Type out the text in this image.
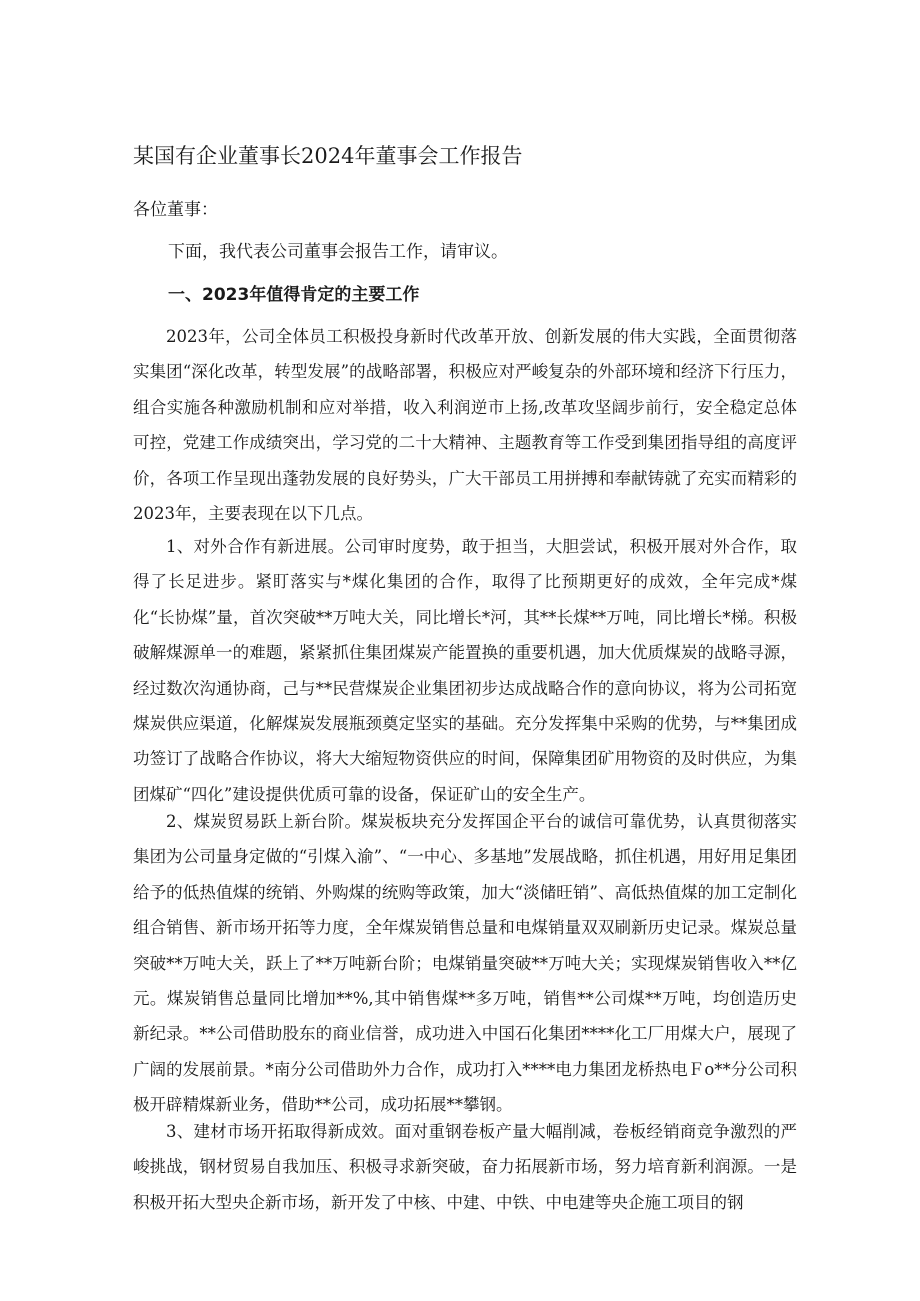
某国有企业董事长2024年董事会工作报告
各位董事：
下面，我代表公司董事会报告工作，请审议。
一、2023年值得肯定的主要工作

2023年，公司全体员工积极投身新时代改革开放、创新发展的伟大实践，全面贯彻落实集团“深化改革，转型发展”的战略部署，积极应对严峻复杂的外部环境和经济下行压力，组合实施各种激励机制和应对举措，收入利润逆市上扬,改革攻坚阔步前行，安全稳定总体可控，党建工作成绩突出，学习党的二十大精神、主题教育等工作受到集团指导组的高度评价，各项工作呈现出蓬勃发展的良好势头，广大干部员工用拼搏和奉献铸就了充实而精彩的2023年，主要表现在以下几点。

1、对外合作有新进展。公司审时度势，敢于担当，大胆尝试，积极开展对外合作，取得了长足进步。紧盯落实与*煤化集团的合作，取得了比预期更好的成效，全年完成*煤化“长协煤”量，首次突破**万吨大关，同比增长*河，其**长煤**万吨，同比增长*梯。积极破解煤源单一的难题，紧紧抓住集团煤炭产能置换的重要机遇，加大优质煤炭的战略寻源，经过数次沟通协商，己与**民营煤炭企业集团初步达成战略合作的意向协议，将为公司拓宽煤炭供应渠道，化解煤炭发展瓶颈奠定坚实的基础。充分发挥集中采购的优势，与**集团成功签订了战略合作协议，将大大缩短物资供应的时间，保障集团矿用物资的及时供应，为集团煤矿“四化”建设提供优质可靠的设备，保证矿山的安全生产。

2、煤炭贸易跃上新台阶。煤炭板块充分发挥国企平台的诚信可靠优势，认真贯彻落实集团为公司量身定做的“引煤入渝”、“一中心、多基地”发展战略，抓住机遇，用好用足集团给予的低热值煤的统销、外购煤的统购等政策，加大“淡储旺销”、高低热值煤的加工定制化组合销售、新市场开拓等力度，全年煤炭销售总量和电煤销量双双刷新历史记录。煤炭总量突破**万吨大关，跃上了**万吨新台阶；电煤销量突破**万吨大关；实现煤炭销售收入**亿元。煤炭销售总量同比增加**%,其中销售煤**多万吨，销售**公司煤**万吨，均创造历史新纪录。**公司借助股东的商业信誉，成功进入中国石化集团****化工厂用煤大户，展现了广阔的发展前景。*南分公司借助外力合作，成功打入****电力集团龙桥热电Ｆo**分公司积极开辟精煤新业务，借助**公司，成功拓展**攀钢。

3、建材市场开拓取得新成效。面对重钢卷板产量大幅削减，卷板经销商竞争激烈的严峻挑战，钢材贸易自我加压、积极寻求新突破，奋力拓展新市场，努力培育新利润源。一是积极开拓大型央企新市场，新开发了中核、中建、中铁、中电建等央企施工项目的钢
